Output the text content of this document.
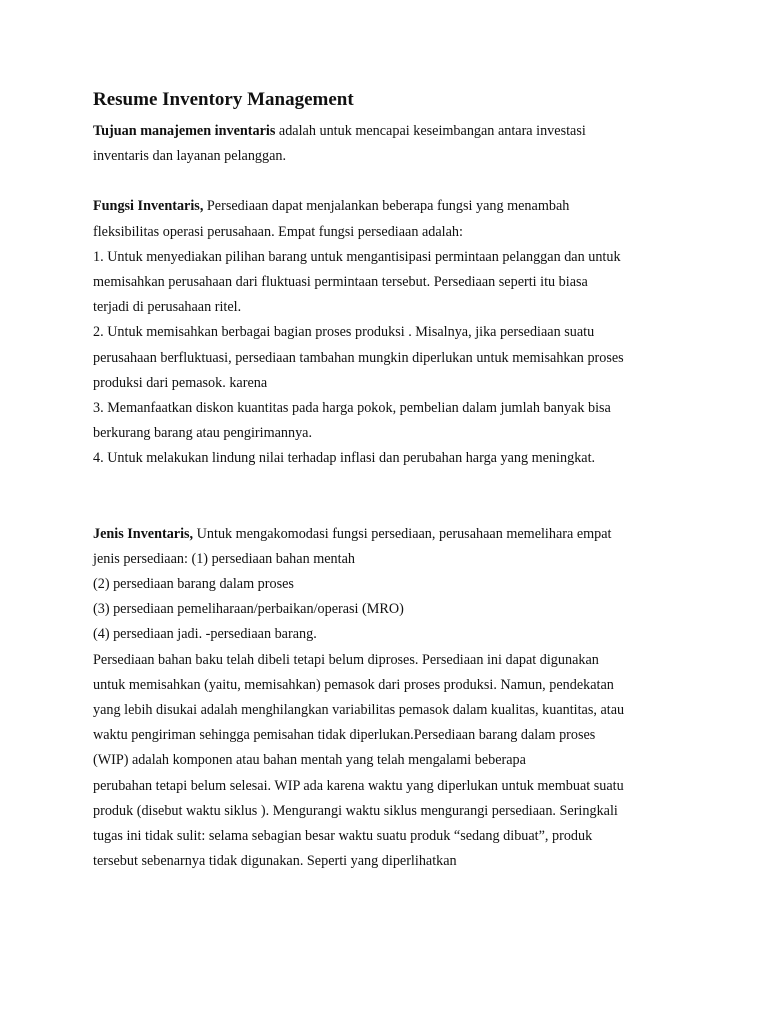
Resume Inventory Management
Tujuan manajemen inventaris adalah untuk mencapai keseimbangan antara investasi
inventaris dan layanan pelanggan.
Fungsi Inventaris, Persediaan dapat menjalankan beberapa fungsi yang menambah
fleksibilitas operasi perusahaan. Empat fungsi persediaan adalah:
1. Untuk menyediakan pilihan barang untuk mengantisipasi permintaan pelanggan dan untuk
memisahkan perusahaan dari fluktuasi permintaan tersebut. Persediaan seperti itu biasa
terjadi di perusahaan ritel.
2. Untuk memisahkan berbagai bagian proses produksi . Misalnya, jika persediaan suatu
perusahaan berfluktuasi, persediaan tambahan mungkin diperlukan untuk memisahkan proses
produksi dari pemasok. karena
3. Memanfaatkan diskon kuantitas pada harga pokok, pembelian dalam jumlah banyak bisa
berkurang barang atau pengirimannya.
4. Untuk melakukan lindung nilai terhadap inflasi dan perubahan harga yang meningkat.
Jenis Inventaris, Untuk mengakomodasi fungsi persediaan, perusahaan memelihara empat
jenis persediaan: (1) persediaan bahan mentah
(2) persediaan barang dalam proses
(3) persediaan pemeliharaan/perbaikan/operasi (MRO)
(4) persediaan jadi. -persediaan barang.
Persediaan bahan baku telah dibeli tetapi belum diproses. Persediaan ini dapat digunakan
untuk memisahkan (yaitu, memisahkan) pemasok dari proses produksi. Namun, pendekatan
yang lebih disukai adalah menghilangkan variabilitas pemasok dalam kualitas, kuantitas, atau
waktu pengiriman sehingga pemisahan tidak diperlukan.Persediaan barang dalam proses
(WIP) adalah komponen atau bahan mentah yang telah mengalami beberapa
perubahan tetapi belum selesai. WIP ada karena waktu yang diperlukan untuk membuat suatu
produk (disebut waktu siklus ). Mengurangi waktu siklus mengurangi persediaan. Seringkali
tugas ini tidak sulit: selama sebagian besar waktu suatu produk “sedang dibuat”, produk
tersebut sebenarnya tidak digunakan. Seperti yang diperlihatkan
